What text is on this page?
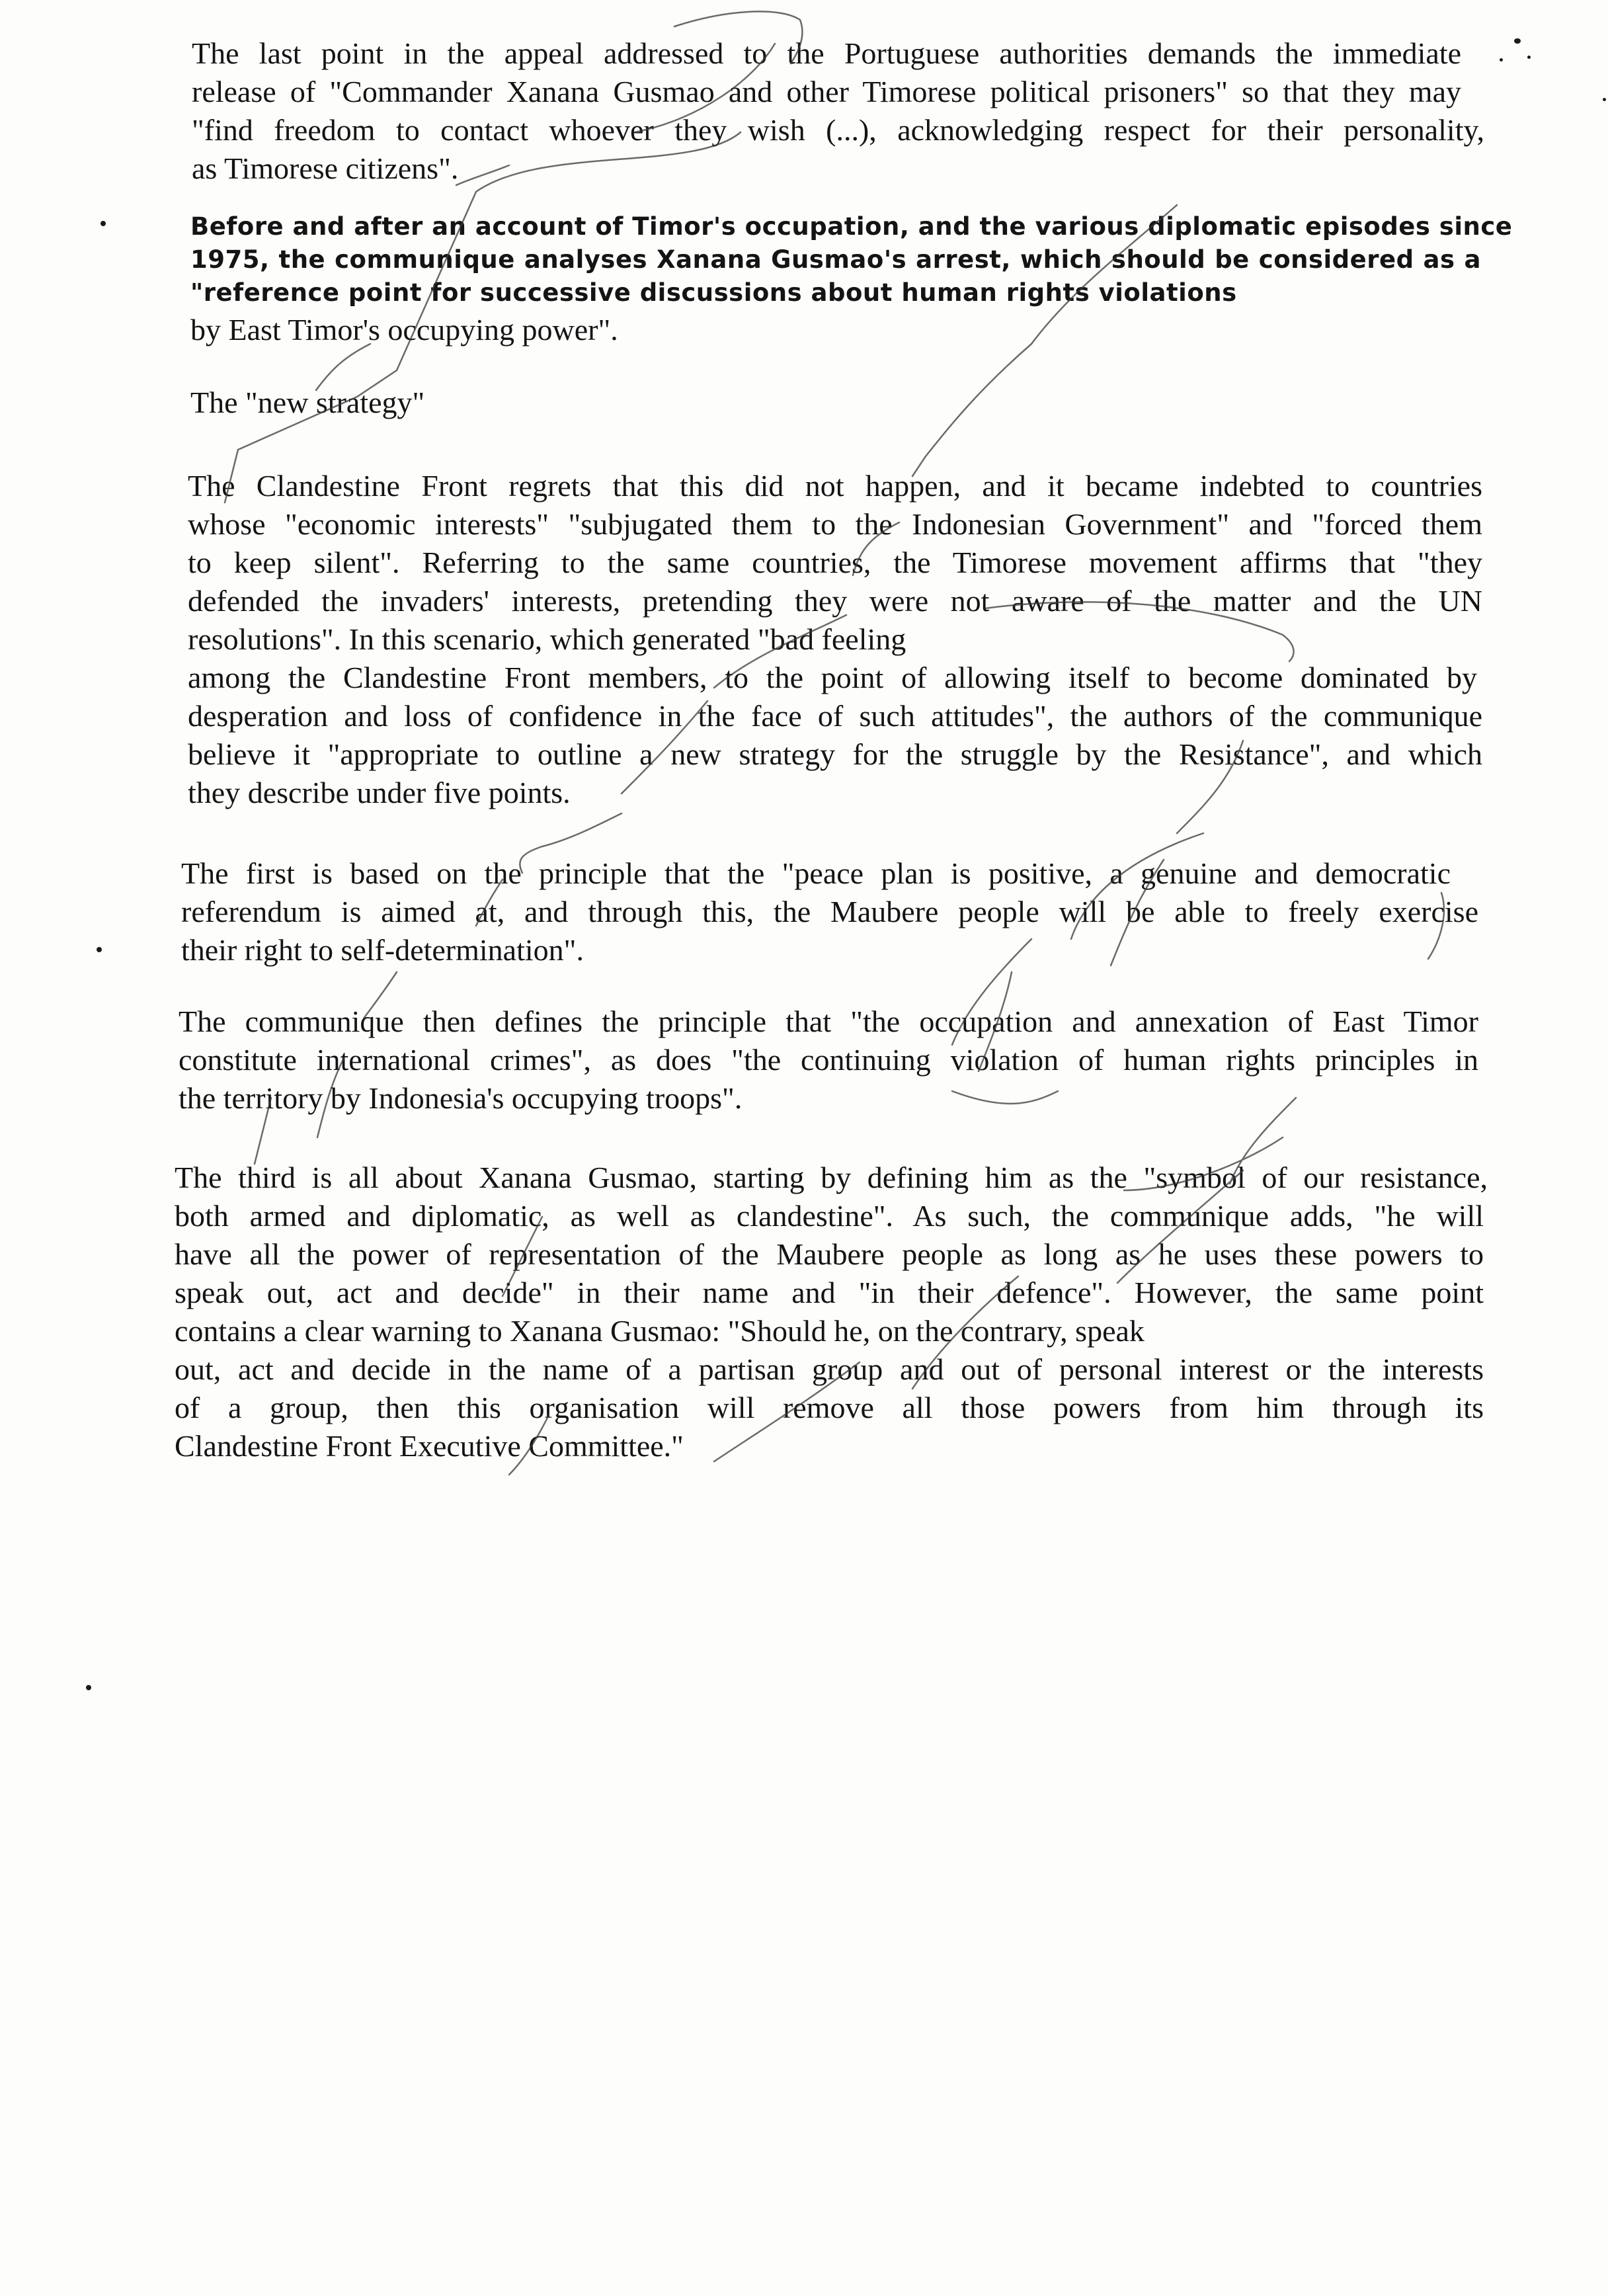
The last point in the appeal addressed to the Portuguese authorities demands the immediate
release of "Commander Xanana Gusmao and other Timorese political prisoners" so that they may
"find freedom to contact whoever they wish (...), acknowledging respect for their personality,
as Timorese citizens".
Before and after an account of Timor's occupation, and the various diplomatic episodes since
1975, the communique analyses Xanana Gusmao's arrest, which should be considered as a
"reference point for successive discussions about human rights violations
by East Timor's occupying power".
The "new strategy"
The Clandestine Front regrets that this did not happen, and it became indebted to countries
whose "economic interests" "subjugated them to the Indonesian Government" and "forced them
to keep silent". Referring to the same countries, the Timorese movement affirms that "they
defended the invaders' interests, pretending they were not aware of the matter and the UN
resolutions". In this scenario, which generated "bad feeling
among the Clandestine Front members, to the point of allowing itself to become dominated by
desperation and loss of confidence in the face of such attitudes", the authors of the communique
believe it "appropriate to outline a new strategy for the struggle by the Resistance", and which
they describe under five points.
The first is based on the principle that the "peace plan is positive, a genuine and democratic
referendum is aimed at, and through this, the Maubere people will be able to freely exercise
their right to self-determination".
The communique then defines the principle that "the occupation and annexation of East Timor
constitute international crimes", as does "the continuing violation of human rights principles in
the territory by Indonesia's occupying troops".
The third is all about Xanana Gusmao, starting by defining him as the "symbol of our resistance,
both armed and diplomatic, as well as clandestine". As such, the communique adds, "he will
have all the power of representation of the Maubere people as long as he uses these powers to
speak out, act and decide" in their name and "in their defence". However, the same point
contains a clear warning to Xanana Gusmao: "Should he, on the contrary, speak
out, act and decide in the name of a partisan group and out of personal interest or the interests
of a group, then this organisation will remove all those powers from him through its
Clandestine Front Executive Committee."
